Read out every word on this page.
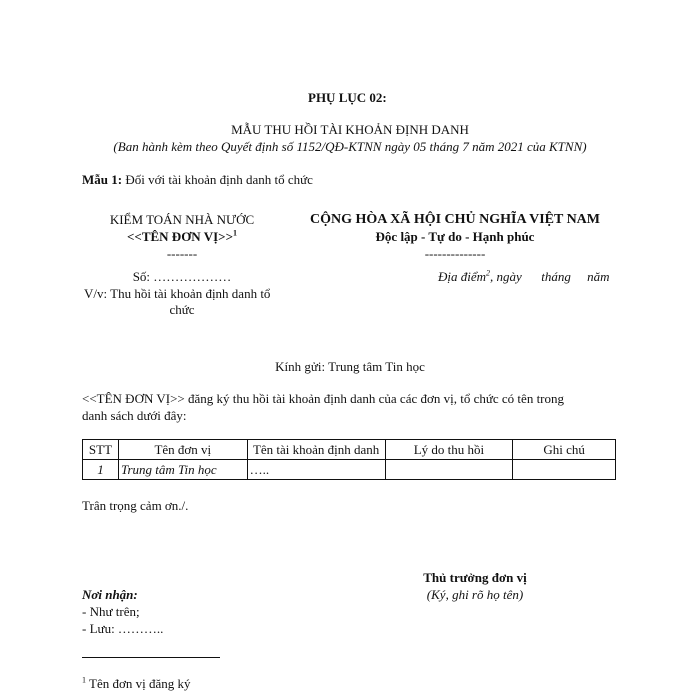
PHỤ LỤC 02:
MẪU THU HỒI TÀI KHOẢN ĐỊNH DANH
(Ban hành kèm theo Quyết định số 1152/QĐ-KTNN ngày 05 tháng 7 năm 2021 của KTNN)
Mẫu 1: Đối với tài khoản định danh tổ chức
KIỂM TOÁN NHÀ NƯỚC
<<TÊN ĐƠN VỊ>>$^1$
-------
Số: ………………
V/v: Thu hồi tài khoản định danh tổ
chức
CỘNG HÒA XÃ HỘI CHỦ NGHĨA VIỆT NAM
Độc lập - Tự do - Hạnh phúc
--------------
Địa điểm$^2$, ngày      tháng     năm
Kính gửi: Trung tâm Tin học
<<TÊN ĐƠN VỊ>> đăng ký thu hồi tài khoản định danh của các đơn vị, tổ chức có tên trong
danh sách dưới đây:
STT	Tên đơn vị	Tên tài khoản định danh	Lý do thu hồi	Ghi chú
1	Trung tâm Tin học	…..		
Trân trọng cảm ơn./.
Thủ trưởng đơn vị
(Ký, ghi rõ họ tên)
Nơi nhận:
- Như trên;
- Lưu: ………..
$^1$ Tên đơn vị đăng ký
